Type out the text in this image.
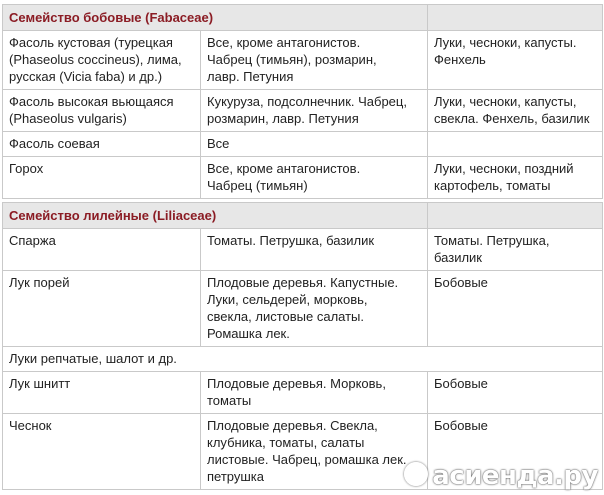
Семейство бобовые (Fabaceae)		
Фасоль кустовая (турецкая
(Phaseolus coccineus), лима,
русская (Vicia faba) и др.)	Все, кроме антагонистов.
Чабрец (тимьян), розмарин,
лавр. Петуния	Луки, чесноки, капусты.
Фенхель
Фасоль высокая вьющаяся
(Phaseolus vulgaris)	Кукуруза, подсолнечник. Чабрец,
розмарин, лавр. Петуния	Луки, чесноки, капусты,
свекла. Фенхель, базилик
Фасоль соевая	Все	
Горох	Все, кроме антагонистов.
Чабрец (тимьян)	Луки, чесноки, поздний
картофель, томаты

Семейство лилейные (Liliaceae)		
Спаржа	Томаты. Петрушка, базилик	Томаты. Петрушка,
базилик
Лук порей	Плодовые деревья. Капустные.
Луки, сельдерей, морковь,
свекла, листовые салаты.
Ромашка лек.	Бобовые
Луки репчатые, шалот и др.		
Лук шнитт	Плодовые деревья. Морковь,
томаты	Бобовые
Чеснок	Плодовые деревья. Свекла,
клубника, томаты, салаты
листовые. Чабрец, ромашка лек.
петрушка	Бобовые
асиенда.ру
